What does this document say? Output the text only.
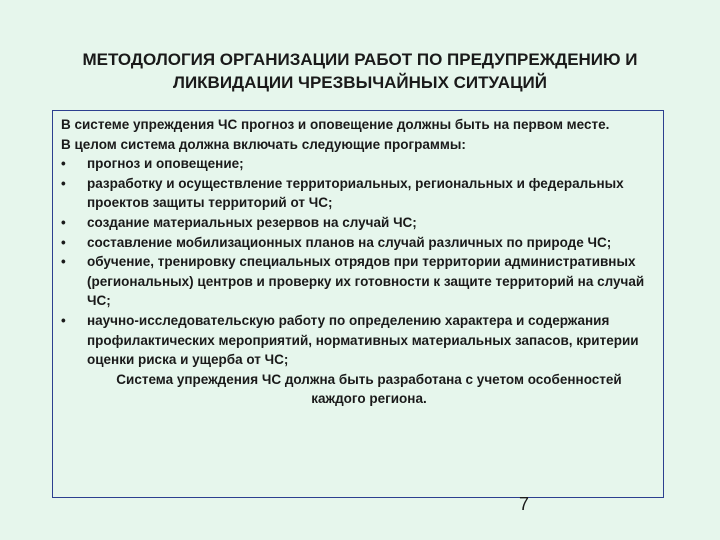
МЕТОДОЛОГИЯ ОРГАНИЗАЦИИ РАБОТ ПО ПРЕДУПРЕЖДЕНИЮ И
ЛИКВИДАЦИИ ЧРЕЗВЫЧАЙНЫХ СИТУАЦИЙ
В системе упреждения ЧС прогноз и оповещение должны быть на первом месте.
В целом система должна включать следующие программы:
•	прогноз и оповещение;
•	разработку и осуществление территориальных, региональных и федеральных проектов защиты территорий от ЧС;
•	создание материальных резервов на случай ЧС;
•	составление мобилизационных планов на случай различных по природе ЧС;
•	обучение, тренировку специальных отрядов при территории административных (региональных) центров и проверку их готовности к защите территорий на случай ЧС;
•	научно-исследовательскую работу по определению характера и содержания профилактических мероприятий, нормативных материальных запасов, критерии оценки риска и ущерба от ЧС;
Система упреждения ЧС должна быть разработана с учетом особенностей каждого региона.
7
